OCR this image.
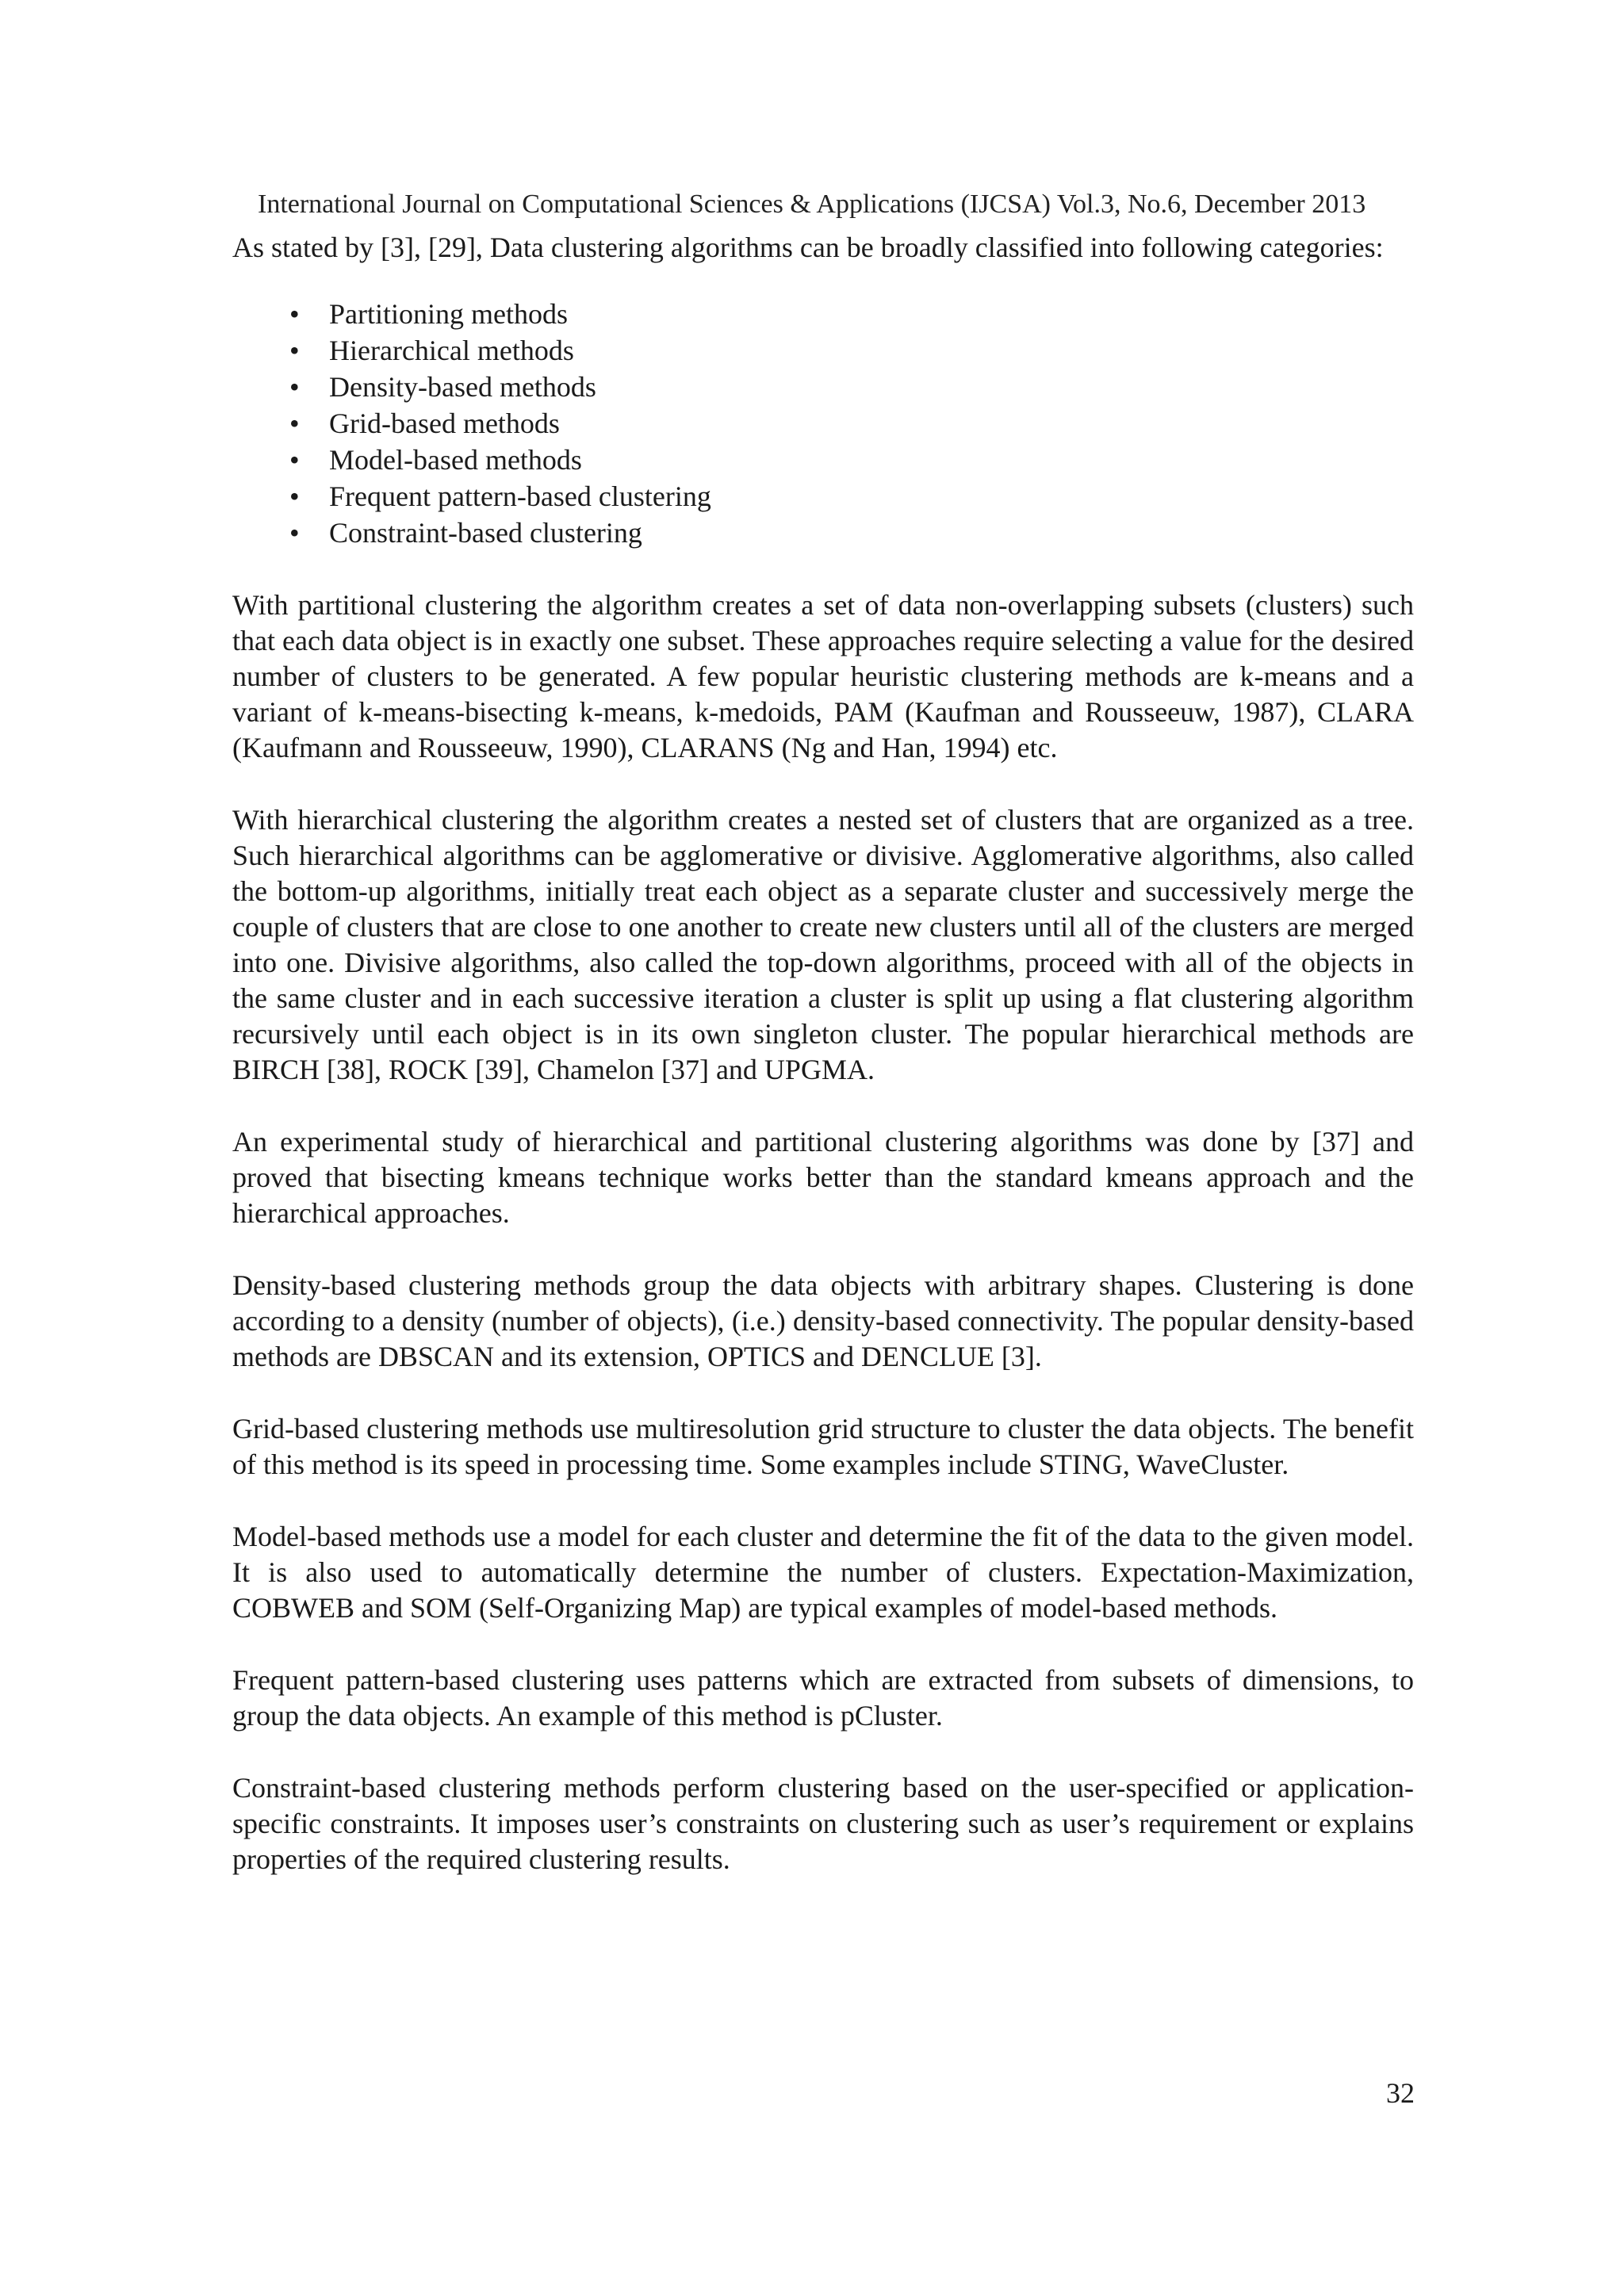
International Journal on Computational Sciences & Applications (IJCSA) Vol.3, No.6, December 2013

As stated by [3], [29], Data clustering algorithms can be broadly classified into following categories:

• Partitioning methods
• Hierarchical methods
• Density-based methods
• Grid-based methods
• Model-based methods
• Frequent pattern-based clustering
• Constraint-based clustering

With partitional clustering the algorithm creates a set of data non-overlapping subsets (clusters) such that each data object is in exactly one subset. These approaches require selecting a value for the desired number of clusters to be generated. A few popular heuristic clustering methods are k-means and a variant of k-means-bisecting k-means, k-medoids, PAM (Kaufman and Rousseeuw, 1987), CLARA (Kaufmann and Rousseeuw, 1990), CLARANS (Ng and Han, 1994) etc.

With hierarchical clustering the algorithm creates a nested set of clusters that are organized as a tree. Such hierarchical algorithms can be agglomerative or divisive. Agglomerative algorithms, also called the bottom-up algorithms, initially treat each object as a separate cluster and successively merge the couple of clusters that are close to one another to create new clusters until all of the clusters are merged into one. Divisive algorithms, also called the top-down algorithms, proceed with all of the objects in the same cluster and in each successive iteration a cluster is split up using a flat clustering algorithm recursively until each object is in its own singleton cluster. The popular hierarchical methods are BIRCH [38], ROCK [39], Chamelon [37] and UPGMA.

An experimental study of hierarchical and partitional clustering algorithms was done by [37] and proved that bisecting kmeans technique works better than the standard kmeans approach and the hierarchical approaches.

Density-based clustering methods group the data objects with arbitrary shapes. Clustering is done according to a density (number of objects), (i.e.) density-based connectivity. The popular density-based methods are DBSCAN and its extension, OPTICS and DENCLUE [3].

Grid-based clustering methods use multiresolution grid structure to cluster the data objects. The benefit of this method is its speed in processing time. Some examples include STING, WaveCluster.

Model-based methods use a model for each cluster and determine the fit of the data to the given model. It is also used to automatically determine the number of clusters. Expectation-Maximization, COBWEB and SOM (Self-Organizing Map) are typical examples of model-based methods.

Frequent pattern-based clustering uses patterns which are extracted from subsets of dimensions, to group the data objects. An example of this method is pCluster.

Constraint-based clustering methods perform clustering based on the user-specified or application-specific constraints. It imposes user’s constraints on clustering such as user’s requirement or explains properties of the required clustering results.

32
